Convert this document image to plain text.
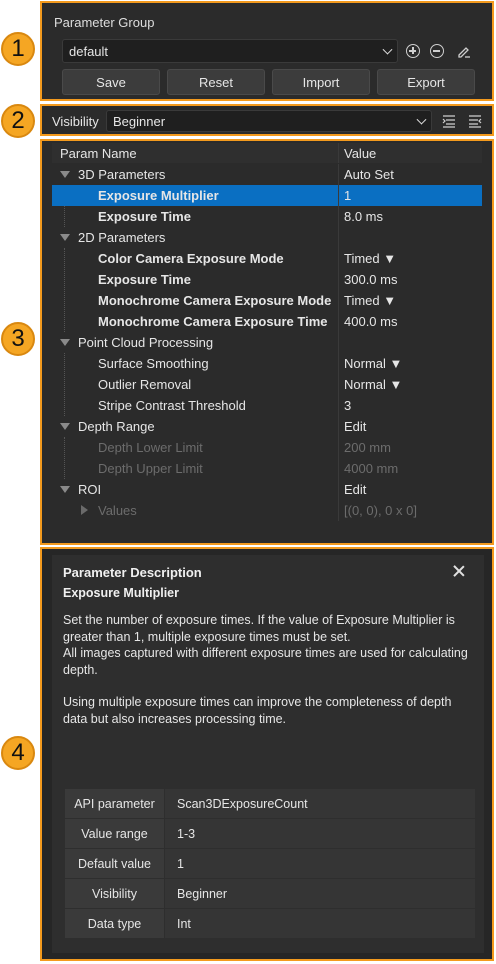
1
2
3
4
Parameter Group
default
Save	Reset	Import	Export
Visibility Beginner
Param Name	Value
3D Parameters	Auto Set
Exposure Multiplier	1
Exposure Time	8.0 ms
2D Parameters
Color Camera Exposure Mode	Timed ▼
Exposure Time	300.0 ms
Monochrome Camera Exposure Mode Timed ▼
Monochrome Camera Exposure Time 400.0 ms
Point Cloud Processing
Surface Smoothing	Normal ▼
Outlier Removal	Normal ▼
Stripe Contrast Threshold	3
Depth Range	Edit
Depth Lower Limit	200 mm
Depth Upper Limit	4000 mm
ROI	Edit
Values	[(0, 0), 0 x 0]
Parameter Description
Exposure Multiplier
Set the number of exposure times. If the value of Exposure Multiplier is greater than 1, multiple exposure times must be set.
All images captured with different exposure times are used for calculating depth.
Using multiple exposure times can improve the completeness of depth data but also increases processing time.
API parameter	Scan3DExposureCount
Value range	1-3
Default value	1
Visibility	Beginner
Data type	Int
